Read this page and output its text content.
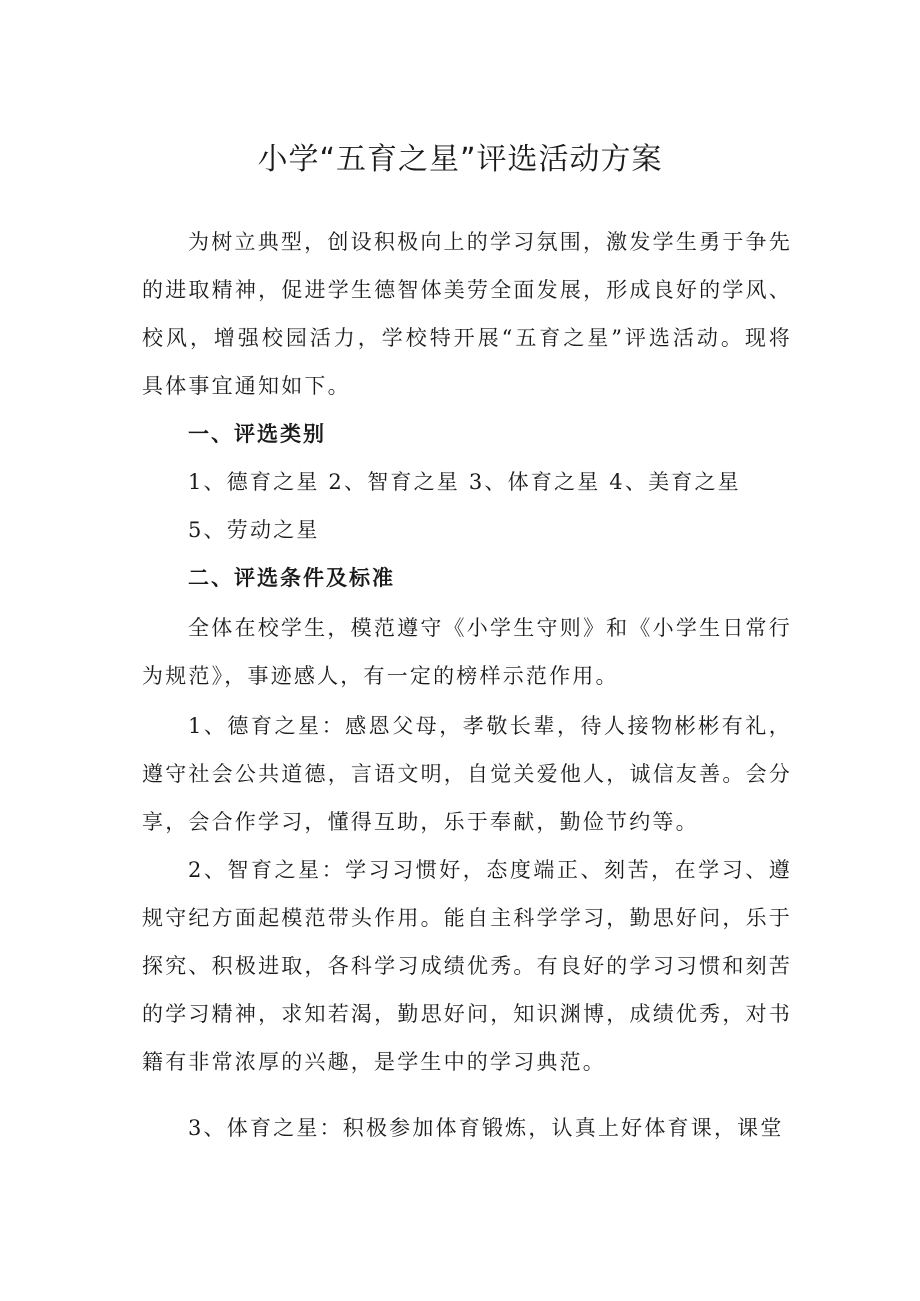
小学“五育之星”评选活动方案

为树立典型，创设积极向上的学习氛围，激发学生勇于争先的进取精神，促进学生德智体美劳全面发展，形成良好的学风、校风，增强校园活力，学校特开展“五育之星”评选活动。现将具体事宜通知如下。

一、评选类别

1、德育之星 2、智育之星 3、体育之星 4、美育之星

5、劳动之星

二、评选条件及标准

全体在校学生，模范遵守《小学生守则》和《小学生日常行为规范》，事迹感人，有一定的榜样示范作用。

1、德育之星：感恩父母，孝敬长辈，待人接物彬彬有礼，遵守社会公共道德，言语文明，自觉关爱他人，诚信友善。会分享，会合作学习，懂得互助，乐于奉献，勤俭节约等。

2、智育之星：学习习惯好，态度端正、刻苦，在学习、遵规守纪方面起模范带头作用。能自主科学学习，勤思好问，乐于探究、积极进取，各科学习成绩优秀。有良好的学习习惯和刻苦的学习精神，求知若渴，勤思好问，知识渊博，成绩优秀，对书籍有非常浓厚的兴趣，是学生中的学习典范。

3、体育之星：积极参加体育锻炼，认真上好体育课，课堂
